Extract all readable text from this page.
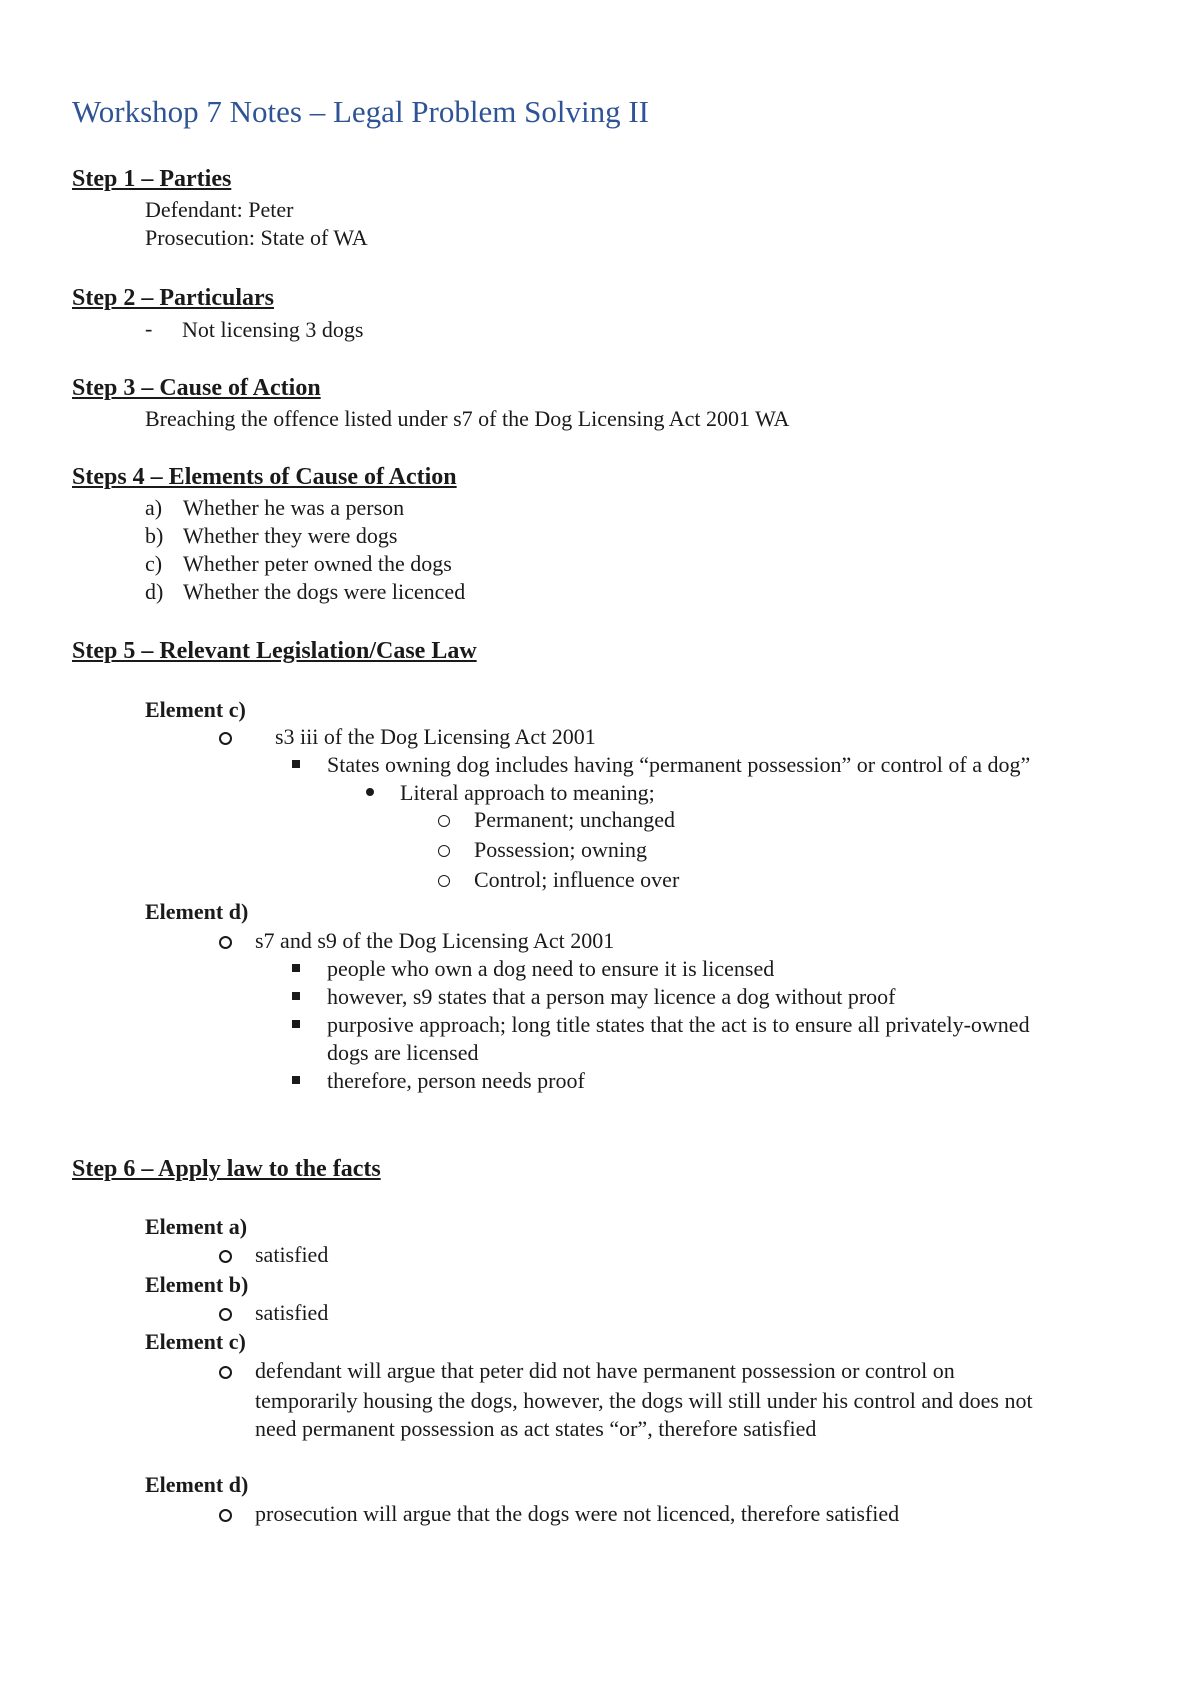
Workshop 7 Notes – Legal Problem Solving II
Step 1 – Parties
Defendant: Peter
Prosecution: State of WA
Step 2 – Particulars
- Not licensing 3 dogs
Step 3 – Cause of Action
Breaching the offence listed under s7 of the Dog Licensing Act 2001 WA
Steps 4 – Elements of Cause of Action
a) Whether he was a person
b) Whether they were dogs
c) Whether peter owned the dogs
d) Whether the dogs were licenced
Step 5 – Relevant Legislation/Case Law
Element c)
s3 iii of the Dog Licensing Act 2001
States owning dog includes having “permanent possession” or control of a dog”
Literal approach to meaning;
Permanent; unchanged
Possession; owning
Control; influence over
Element d)
s7 and s9 of the Dog Licensing Act 2001
people who own a dog need to ensure it is licensed
however, s9 states that a person may licence a dog without proof
purposive approach; long title states that the act is to ensure all privately-owned
dogs are licensed
therefore, person needs proof
Step 6 – Apply law to the facts
Element a)
satisfied
Element b)
satisfied
Element c)
defendant will argue that peter did not have permanent possession or control on
temporarily housing the dogs, however, the dogs will still under his control and does not
need permanent possession as act states “or”, therefore satisfied
Element d)
prosecution will argue that the dogs were not licenced, therefore satisfied
